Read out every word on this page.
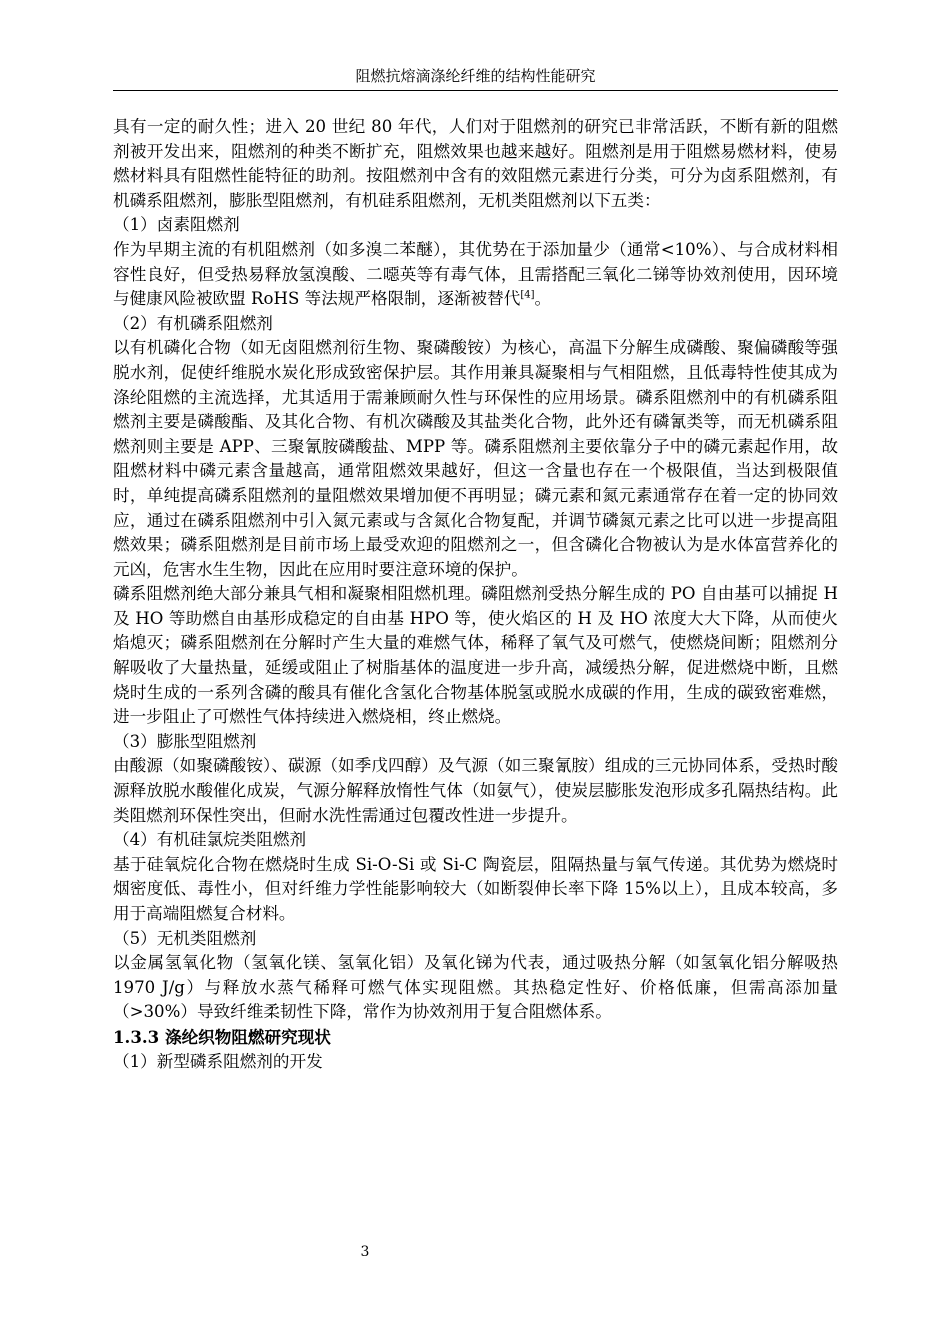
阻燃抗熔滴涤纶纤维的结构性能研究

具有一定的耐久性；进入 20 世纪 80 年代，人们对于阻燃剂的研究已非常活跃，不断有新的阻燃剂被开发出来，阻燃剂的种类不断扩充，阻燃效果也越来越好。阻燃剂是用于阻燃易燃材料，使易燃材料具有阻燃性能特征的助剂。按阻燃剂中含有的效阻燃元素进行分类，可分为卤系阻燃剂，有机磷系阻燃剂，膨胀型阻燃剂，有机硅系阻燃剂，无机类阻燃剂以下五类：

（1）卤素阻燃剂

作为早期主流的有机阻燃剂（如多溴二苯醚），其优势在于添加量少（通常<10%）、与合成材料相容性良好，但受热易释放氢溴酸、二噁英等有毒气体，且需搭配三氧化二锑等协效剂使用，因环境与健康风险被欧盟 RoHS 等法规严格限制，逐渐被替代[4]。

（2）有机磷系阻燃剂

以有机磷化合物（如无卤阻燃剂衍生物、聚磷酸铵）为核心，高温下分解生成磷酸、聚偏磷酸等强脱水剂，促使纤维脱水炭化形成致密保护层。其作用兼具凝聚相与气相阻燃，且低毒特性使其成为涤纶阻燃的主流选择，尤其适用于需兼顾耐久性与环保性的应用场景。磷系阻燃剂中的有机磷系阻燃剂主要是磷酸酯、及其化合物、有机次磷酸及其盐类化合物，此外还有磷氰类等，而无机磷系阻燃剂则主要是 APP、三聚氰胺磷酸盐、MPP 等。磷系阻燃剂主要依靠分子中的磷元素起作用，故阻燃材料中磷元素含量越高，通常阻燃效果越好，但这一含量也存在一个极限值，当达到极限值时，单纯提高磷系阻燃剂的量阻燃效果增加便不再明显；磷元素和氮元素通常存在着一定的协同效应，通过在磷系阻燃剂中引入氮元素或与含氮化合物复配，并调节磷氮元素之比可以进一步提高阻燃效果；磷系阻燃剂是目前市场上最受欢迎的阻燃剂之一，但含磷化合物被认为是水体富营养化的元凶，危害水生生物，因此在应用时要注意环境的保护。

磷系阻燃剂绝大部分兼具气相和凝聚相阻燃机理。磷阻燃剂受热分解生成的 PO 自由基可以捕捉 H 及 HO 等助燃自由基形成稳定的自由基 HPO 等，使火焰区的 H 及 HO 浓度大大下降，从而使火焰熄灭；磷系阻燃剂在分解时产生大量的难燃气体，稀释了氧气及可燃气，使燃烧间断；阻燃剂分解吸收了大量热量，延缓或阻止了树脂基体的温度进一步升高，减缓热分解，促进燃烧中断，且燃烧时生成的一系列含磷的酸具有催化含氢化合物基体脱氢或脱水成碳的作用，生成的碳致密难燃，进一步阻止了可燃性气体持续进入燃烧相，终止燃烧。

（3）膨胀型阻燃剂

由酸源（如聚磷酸铵）、碳源（如季戊四醇）及气源（如三聚氰胺）组成的三元协同体系，受热时酸源释放脱水酸催化成炭，气源分解释放惰性气体（如氨气），使炭层膨胀发泡形成多孔隔热结构。此类阻燃剂环保性突出，但耐水洗性需通过包覆改性进一步提升。

（4）有机硅氯烷类阻燃剂

基于硅氧烷化合物在燃烧时生成 Si-O-Si 或 Si-C 陶瓷层，阻隔热量与氧气传递。其优势为燃烧时烟密度低、毒性小，但对纤维力学性能影响较大（如断裂伸长率下降 15%以上），且成本较高，多用于高端阻燃复合材料。

（5）无机类阻燃剂

以金属氢氧化物（氢氧化镁、氢氧化铝）及氧化锑为代表，通过吸热分解（如氢氧化铝分解吸热 1970 J/g）与释放水蒸气稀释可燃气体实现阻燃。其热稳定性好、价格低廉，但需高添加量（>30%）导致纤维柔韧性下降，常作为协效剂用于复合阻燃体系。

1.3.3 涤纶织物阻燃研究现状

（1）新型磷系阻燃剂的开发

3
